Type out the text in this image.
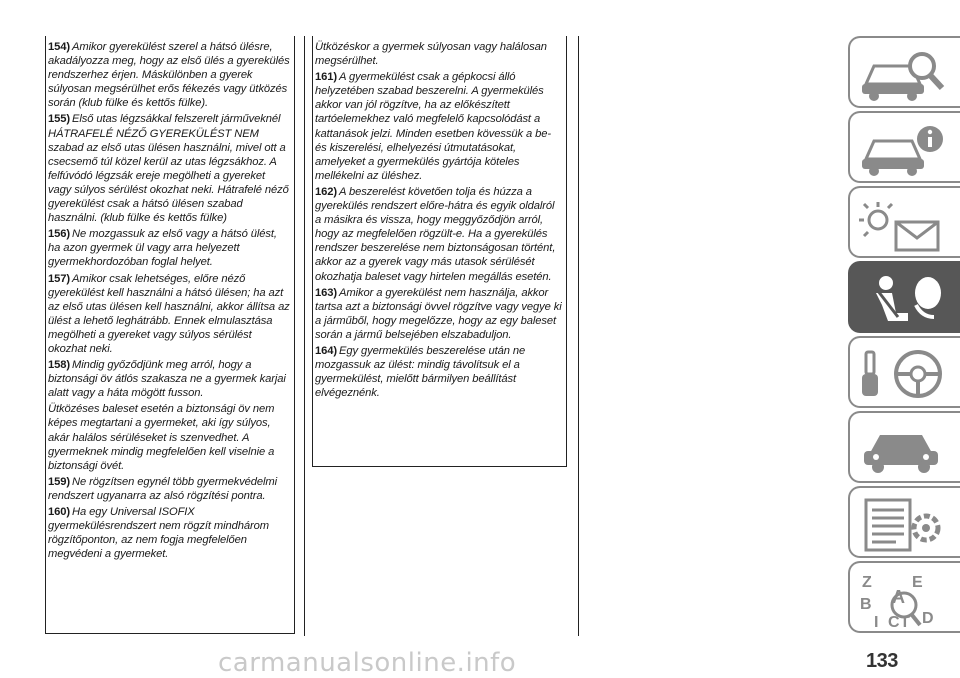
154) Amikor gyerekülést szerel a hátsó ülésre, akadályozza meg, hogy az első ülés a gyerekülés rendszerhez érjen. Máskülönben a gyerek súlyosan megsérülhet erős fékezés vagy ütközés során (klub fülke és kettős fülke).

155) Első utas légzsákkal felszerelt járműveknél HÁTRAFELÉ NÉZŐ GYEREKÜLÉST NEM szabad az első utas ülésen használni, mivel ott a csecsemő túl közel kerül az utas légzsákhoz. A felfúvódó légzsák ereje megölheti a gyereket vagy súlyos sérülést okozhat neki. Hátrafelé néző gyerekülést csak a hátsó ülésen szabad használni. (klub fülke és kettős fülke)

156) Ne mozgassuk az első vagy a hátsó ülést, ha azon gyermek ül vagy arra helyezett gyermekhordozóban foglal helyet.

157) Amikor csak lehetséges, előre néző gyerekülést kell használni a hátsó ülésen; ha azt az első utas ülésen kell használni, akkor állítsa az ülést a lehető leghátrább. Ennek elmulasztása megölheti a gyereket vagy súlyos sérülést okozhat neki.

158) Mindig győződjünk meg arról, hogy a biztonsági öv átlós szakasza ne a gyermek karjai alatt vagy a háta mögött fusson.

Ütközéses baleset esetén a biztonsági öv nem képes megtartani a gyermeket, aki így súlyos, akár halálos sérüléseket is szenvedhet. A gyermeknek mindig megfelelően kell viselnie a biztonsági övét.

159) Ne rögzítsen egynél több gyermekvédelmi rendszert ugyanarra az alsó rögzítési pontra.

160) Ha egy Universal ISOFIX gyermekülésrendszert nem rögzít mindhárom rögzítőponton, az nem fogja megfelelően megvédeni a gyermeket.

Ütközéskor a gyermek súlyosan vagy halálosan megsérülhet.

161) A gyermekülést csak a gépkocsi álló helyzetében szabad beszerelni. A gyermekülés akkor van jól rögzítve, ha az előkészített tartóelemekhez való megfelelő kapcsolódást a kattanások jelzi. Minden esetben kövessük a be- és kiszerelési, elhelyezési útmutatásokat, amelyeket a gyermekülés gyártója köteles mellékelni az üléshez.

162) A beszerelést követően tolja és húzza a gyerekülés rendszert előre-hátra és egyik oldalról a másikra és vissza, hogy meggyőződjön arról, hogy az megfelelően rögzült-e. Ha a gyerekülés rendszer beszerelése nem biztonságosan történt, akkor az a gyerek vagy más utasok sérülését okozhatja baleset vagy hirtelen megállás esetén.

163) Amikor a gyerekülést nem használja, akkor tartsa azt a biztonsági övvel rögzítve vagy vegye ki a járműből, hogy megelőzze, hogy az egy baleset során a jármű belsejében elszabaduljon.

164) Egy gyermekülés beszerelése után ne mozgassuk az ülést: mindig távolítsuk el a gyermekülést, mielőtt bármilyen beállítást elvégeznénk.

Z	E
B A
I C T D
133
carmanualsonline.info
